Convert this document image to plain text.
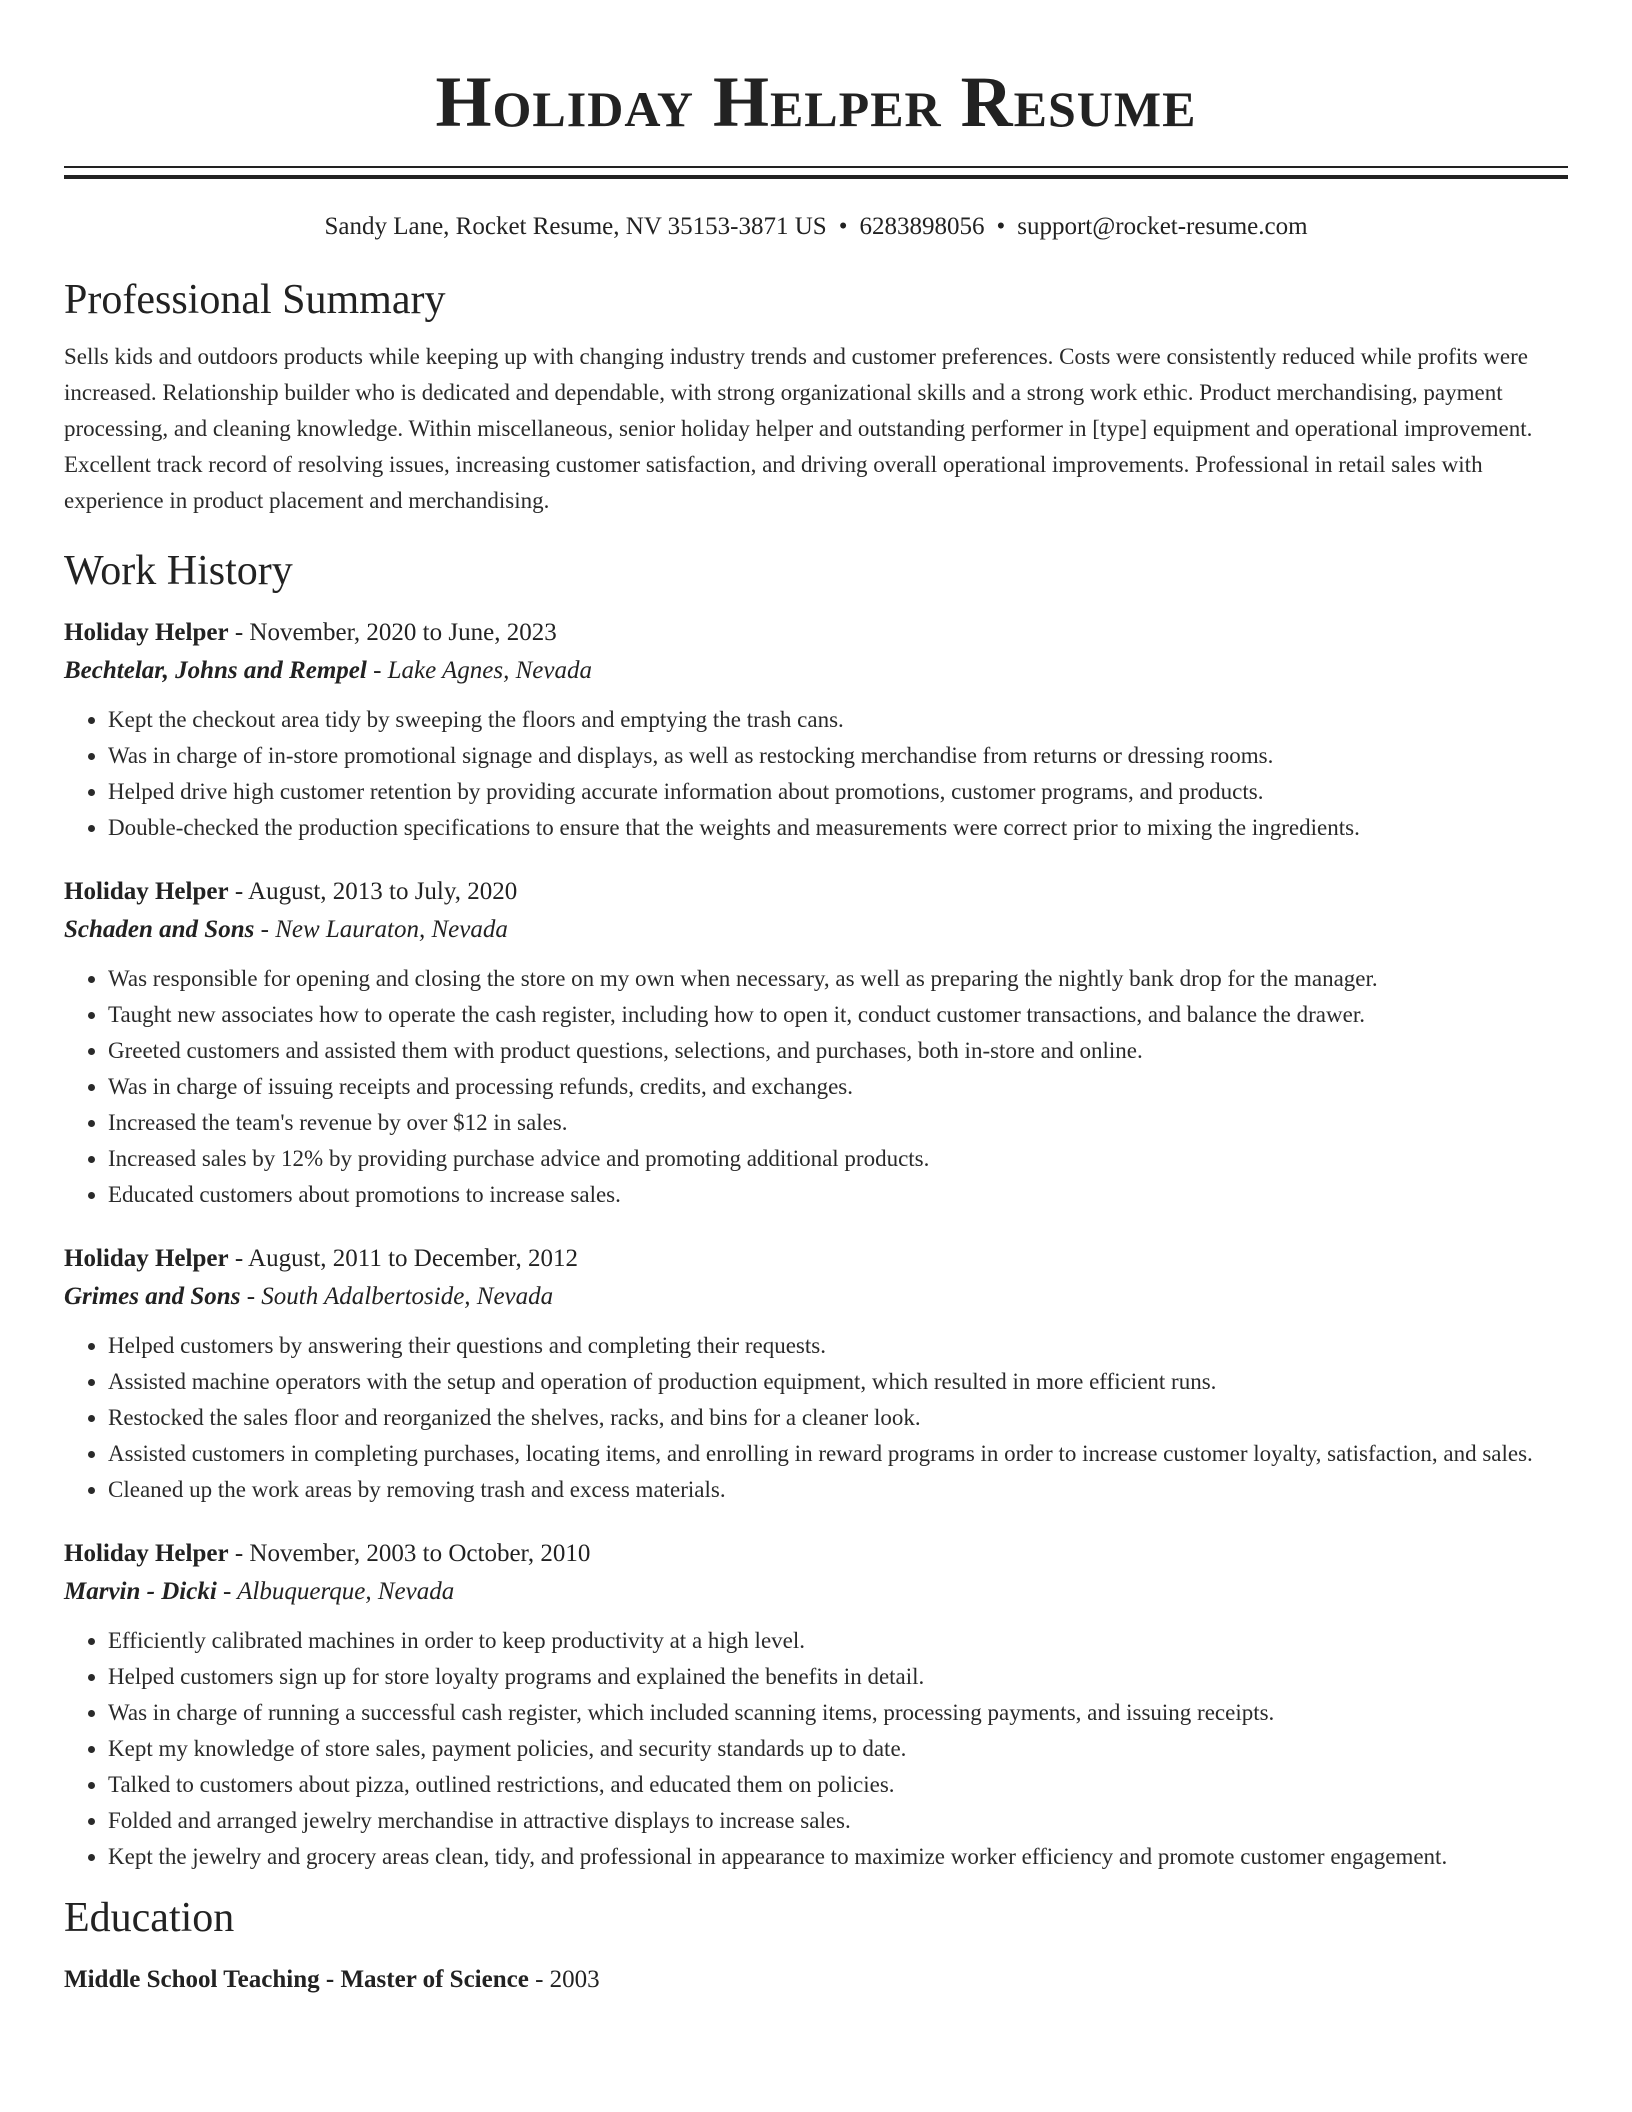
Holiday Helper Resume
Sandy Lane, Rocket Resume, NV 35153-3871 US • 6283898056 • support@rocket-resume.com
Professional Summary

Sells kids and outdoors products while keeping up with changing industry trends and customer preferences. Costs were consistently reduced while profits were increased. Relationship builder who is dedicated and dependable, with strong organizational skills and a strong work ethic. Product merchandising, payment processing, and cleaning knowledge. Within miscellaneous, senior holiday helper and outstanding performer in [type] equipment and operational improvement. Excellent track record of resolving issues, increasing customer satisfaction, and driving overall operational improvements. Professional in retail sales with experience in product placement and merchandising.

Work History
Holiday Helper - November, 2020 to June, 2023
Bechtelar, Johns and Rempel - Lake Agnes, Nevada
• Kept the checkout area tidy by sweeping the floors and emptying the trash cans.
• Was in charge of in-store promotional signage and displays, as well as restocking merchandise from returns or dressing rooms.
• Helped drive high customer retention by providing accurate information about promotions, customer programs, and products.
• Double-checked the production specifications to ensure that the weights and measurements were correct prior to mixing the ingredients.
Holiday Helper - August, 2013 to July, 2020
Schaden and Sons - New Lauraton, Nevada
• Was responsible for opening and closing the store on my own when necessary, as well as preparing the nightly bank drop for the manager.
• Taught new associates how to operate the cash register, including how to open it, conduct customer transactions, and balance the drawer.
• Greeted customers and assisted them with product questions, selections, and purchases, both in-store and online.
• Was in charge of issuing receipts and processing refunds, credits, and exchanges.
• Increased the team's revenue by over $12 in sales.
• Increased sales by 12% by providing purchase advice and promoting additional products.
• Educated customers about promotions to increase sales.
Holiday Helper - August, 2011 to December, 2012
Grimes and Sons - South Adalbertoside, Nevada
• Helped customers by answering their questions and completing their requests.
• Assisted machine operators with the setup and operation of production equipment, which resulted in more efficient runs.
• Restocked the sales floor and reorganized the shelves, racks, and bins for a cleaner look.
• Assisted customers in completing purchases, locating items, and enrolling in reward programs in order to increase customer loyalty, satisfaction, and sales.
• Cleaned up the work areas by removing trash and excess materials.
Holiday Helper - November, 2003 to October, 2010
Marvin - Dicki - Albuquerque, Nevada
• Efficiently calibrated machines in order to keep productivity at a high level.
• Helped customers sign up for store loyalty programs and explained the benefits in detail.
• Was in charge of running a successful cash register, which included scanning items, processing payments, and issuing receipts.
• Kept my knowledge of store sales, payment policies, and security standards up to date.
• Talked to customers about pizza, outlined restrictions, and educated them on policies.
• Folded and arranged jewelry merchandise in attractive displays to increase sales.
• Kept the jewelry and grocery areas clean, tidy, and professional in appearance to maximize worker efficiency and promote customer engagement.
Education
Middle School Teaching - Master of Science - 2003
